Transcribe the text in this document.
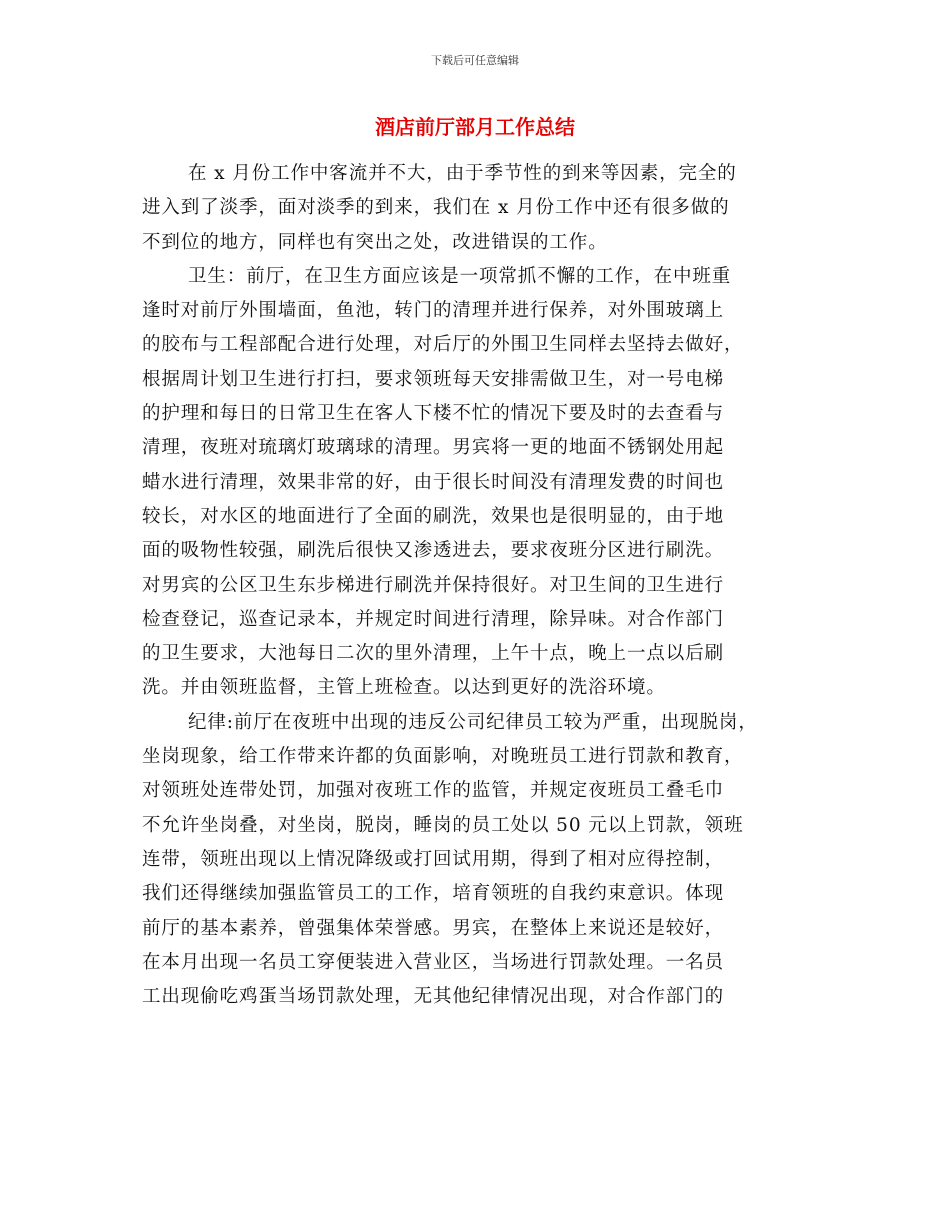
下载后可任意编辑
酒店前厅部月工作总结
在 x 月份工作中客流并不大，由于季节性的到来等因素，完全的
进入到了淡季，面对淡季的到来，我们在 x 月份工作中还有很多做的
不到位的地方，同样也有突出之处，改进错误的工作。
卫生：前厅，在卫生方面应该是一项常抓不懈的工作，在中班重
逢时对前厅外围墙面，鱼池，转门的清理并进行保养，对外围玻璃上
的胶布与工程部配合进行处理，对后厅的外围卫生同样去坚持去做好，
根据周计划卫生进行打扫，要求领班每天安排需做卫生，对一号电梯
的护理和每日的日常卫生在客人下楼不忙的情况下要及时的去查看与
清理，夜班对琉璃灯玻璃球的清理。男宾将一更的地面不锈钢处用起
蜡水进行清理，效果非常的好，由于很长时间没有清理发费的时间也
较长，对水区的地面进行了全面的刷洗，效果也是很明显的，由于地
面的吸物性较强，刷洗后很快又渗透进去，要求夜班分区进行刷洗。
对男宾的公区卫生东步梯进行刷洗并保持很好。对卫生间的卫生进行
检查登记，巡查记录本，并规定时间进行清理，除异味。对合作部门
的卫生要求，大池每日二次的里外清理，上午十点，晚上一点以后刷
洗。并由领班监督，主管上班检查。以达到更好的洗浴环境。
纪律:前厅在夜班中出现的违反公司纪律员工较为严重，出现脱岗，
坐岗现象，给工作带来许都的负面影响，对晚班员工进行罚款和教育，
对领班处连带处罚，加强对夜班工作的监管，并规定夜班员工叠毛巾
不允许坐岗叠，对坐岗，脱岗，睡岗的员工处以 50 元以上罚款，领班
连带，领班出现以上情况降级或打回试用期，得到了相对应得控制，
我们还得继续加强监管员工的工作，培育领班的自我约束意识。体现
前厅的基本素养，曾强集体荣誉感。男宾，在整体上来说还是较好，
在本月出现一名员工穿便装进入营业区，当场进行罚款处理。一名员
工出现偷吃鸡蛋当场罚款处理，无其他纪律情况出现，对合作部门的
